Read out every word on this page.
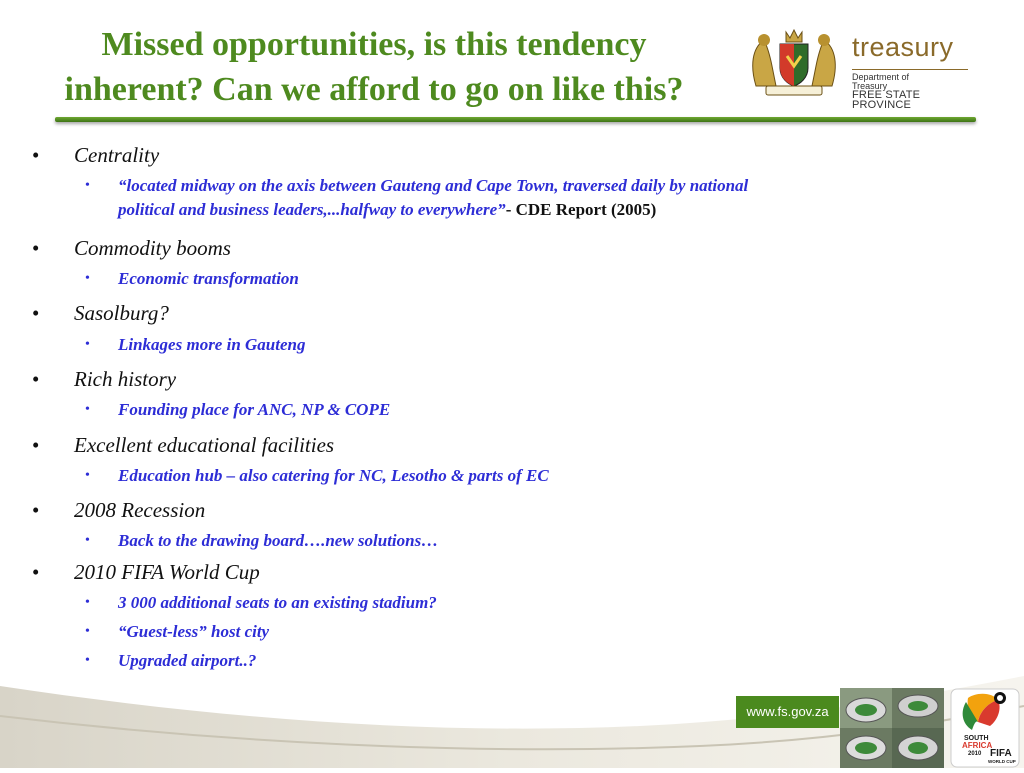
Missed opportunities, is this tendency
inherent? Can we afford to go on like this?
treasury
Department of
Treasury
FREE STATE PROVINCE
• Centrality
• “located midway on the axis between Gauteng and Cape Town, traversed daily by national
political and business leaders,...halfway to everywhere”- CDE Report (2005)
• Commodity booms
• Economic transformation
• Sasolburg?
• Linkages more in Gauteng
• Rich history
• Founding place for ANC, NP & COPE
• Excellent educational facilities
• Education hub – also catering for NC, Lesotho & parts of EC
• 2008 Recession
• Back to the drawing board….new solutions…
• 2010 FIFA World Cup
• 3 000 additional seats to an existing stadium?
• “Guest-less” host city
• Upgraded airport..?
www.fs.gov.za
SOUTH
AFRICA
2010 FIFA
WORLD CUP
